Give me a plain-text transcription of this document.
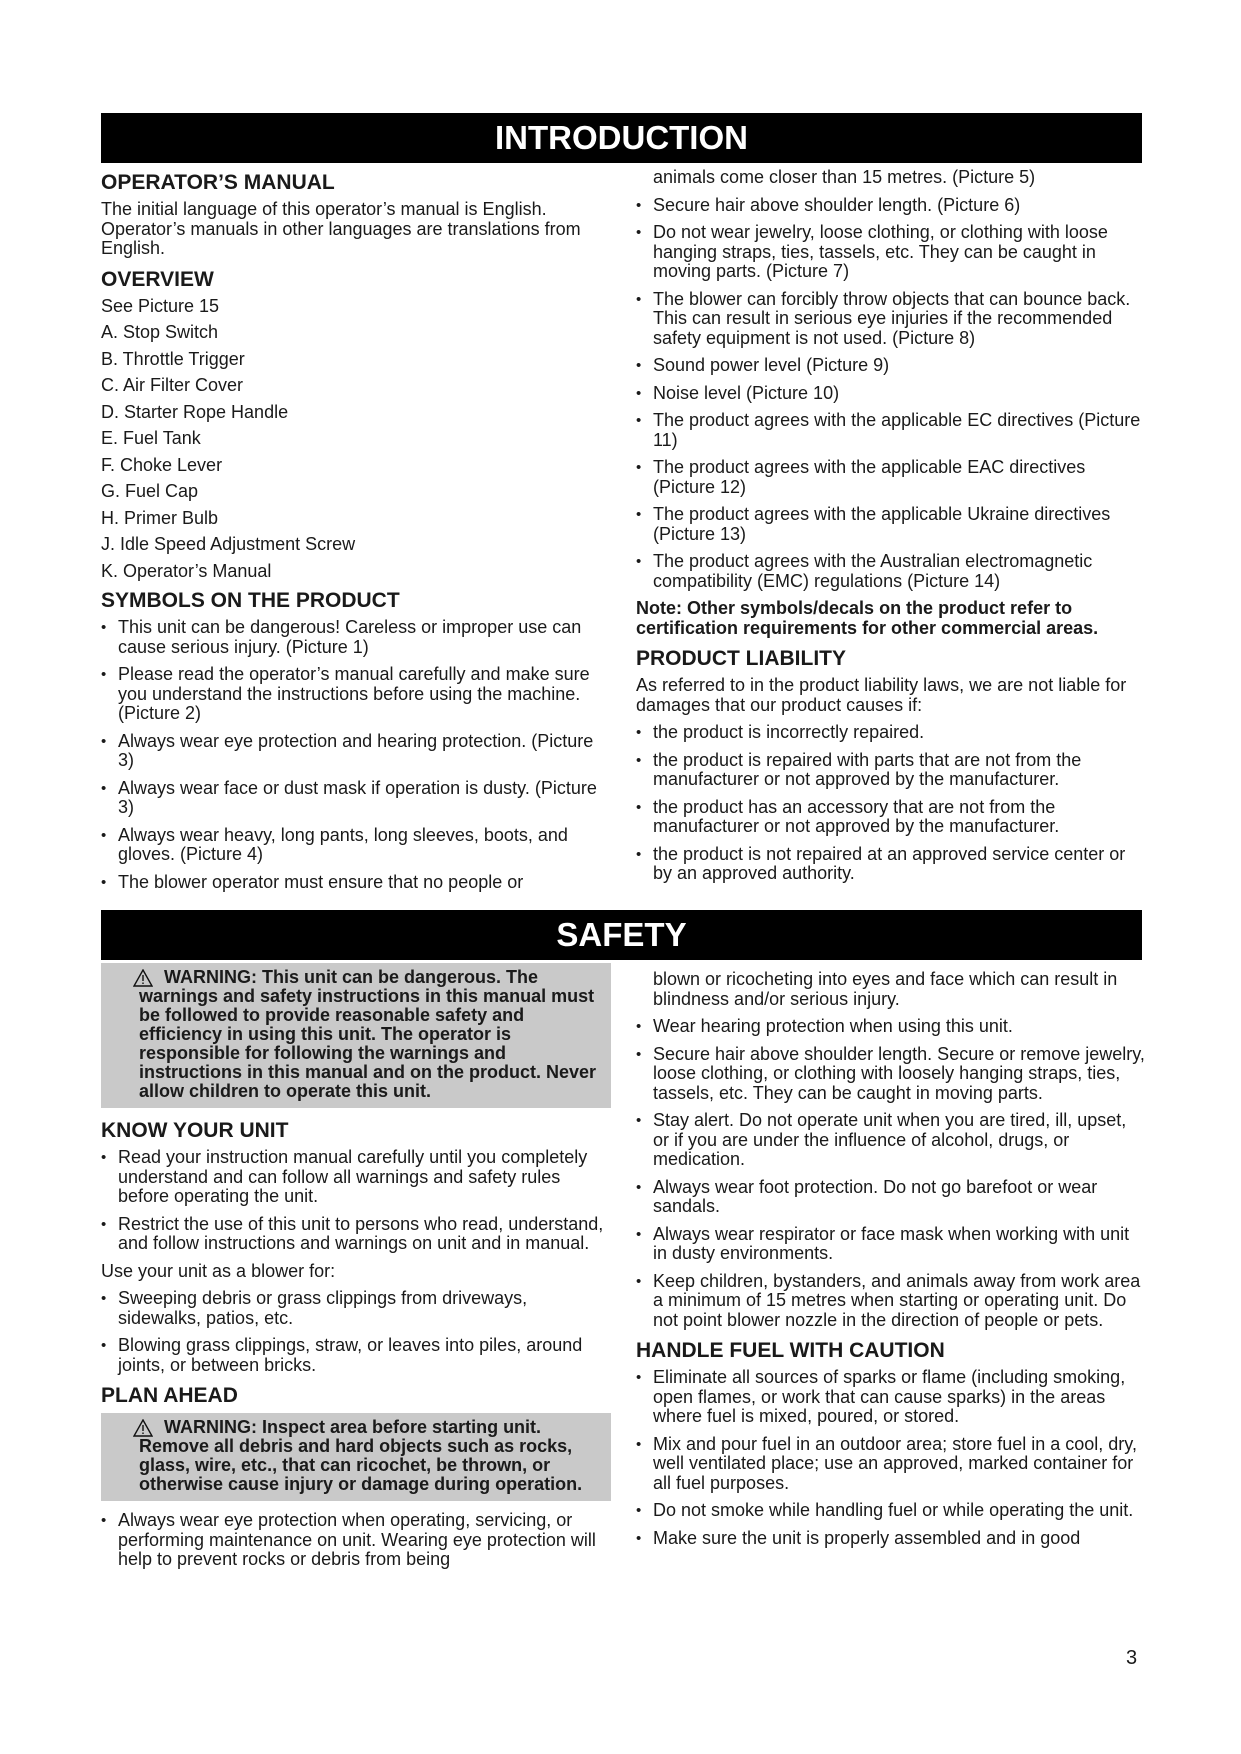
INTRODUCTION
OPERATOR’S MANUAL

The initial language of this operator’s manual is English. Operator’s manuals in other languages are translations from English.

OVERVIEW
See Picture 15
A. Stop Switch
B. Throttle Trigger
C. Air Filter Cover
D. Starter Rope Handle
E. Fuel Tank
F. Choke Lever
G. Fuel Cap
H. Primer Bulb
J. Idle Speed Adjustment Screw
K. Operator’s Manual
SYMBOLS ON THE PRODUCT
• This unit can be dangerous! Careless or improper use can cause serious injury. (Picture 1)
• Please read the operator’s manual carefully and make sure you understand the instructions before using the machine. (Picture 2)
• Always wear eye protection and hearing protection. (Picture 3)
• Always wear face or dust mask if operation is dusty. (Picture 3)
• Always wear heavy, long pants, long sleeves, boots, and gloves. (Picture 4)
• The blower operator must ensure that no people or
animals come closer than 15 metres. (Picture 5)
• Secure hair above shoulder length. (Picture 6)
• Do not wear jewelry, loose clothing, or clothing with loose hanging straps, ties, tassels, etc. They can be caught in moving parts. (Picture 7)
• The blower can forcibly throw objects that can bounce back. This can result in serious eye injuries if the recommended safety equipment is not used. (Picture 8)
• Sound power level (Picture 9)
• Noise level (Picture 10)
• The product agrees with the applicable EC directives (Picture 11)
• The product agrees with the applicable EAC directives (Picture 12)
• The product agrees with the applicable Ukraine directives (Picture 13)
• The product agrees with the Australian electromagnetic compatibility (EMC) regulations (Picture 14)

Note: Other symbols/decals on the product refer to certification requirements for other commercial areas.

PRODUCT LIABILITY

As referred to in the product liability laws, we are not liable for damages that our product causes if:

• the product is incorrectly repaired.
• the product is repaired with parts that are not from the manufacturer or not approved by the manufacturer.
• the product has an accessory that are not from the manufacturer or not approved by the manufacturer.
• the product is not repaired at an approved service center or by an approved authority.
SAFETY
WARNING: This unit can be dangerous. The warnings and safety instructions in this manual must be followed to provide reasonable safety and efficiency in using this unit. The operator is responsible for following the warnings and instructions in this manual and on the product. Never allow children to operate this unit.
KNOW YOUR UNIT
• Read your instruction manual carefully until you completely understand and can follow all warnings and safety rules before operating the unit.
• Restrict the use of this unit to persons who read, understand, and follow instructions and warnings on unit and in manual.

Use your unit as a blower for:

• Sweeping debris or grass clippings from driveways, sidewalks, patios, etc.
• Blowing grass clippings, straw, or leaves into piles, around joints, or between bricks.
PLAN AHEAD
WARNING: Inspect area before starting unit. Remove all debris and hard objects such as rocks, glass, wire, etc., that can ricochet, be thrown, or otherwise cause injury or damage during operation.
• Always wear eye protection when operating, servicing, or performing maintenance on unit. Wearing eye protection will help to prevent rocks or debris from being
blown or ricocheting into eyes and face which can result in blindness and/or serious injury.
• Wear hearing protection when using this unit.
• Secure hair above shoulder length. Secure or remove jewelry, loose clothing, or clothing with loosely hanging straps, ties, tassels, etc. They can be caught in moving parts.
• Stay alert. Do not operate unit when you are tired, ill, upset, or if you are under the influence of alcohol, drugs, or medication.
• Always wear foot protection. Do not go barefoot or wear sandals.
• Always wear respirator or face mask when working with unit in dusty environments.
• Keep children, bystanders, and animals away from work area a minimum of 15 metres when starting or operating unit. Do not point blower nozzle in the direction of people or pets.
HANDLE FUEL WITH CAUTION
• Eliminate all sources of sparks or flame (including smoking, open flames, or work that can cause sparks) in the areas where fuel is mixed, poured, or stored.
• Mix and pour fuel in an outdoor area; store fuel in a cool, dry, well ventilated place; use an approved, marked container for all fuel purposes.
• Do not smoke while handling fuel or while operating the unit.
• Make sure the unit is properly assembled and in good
3
